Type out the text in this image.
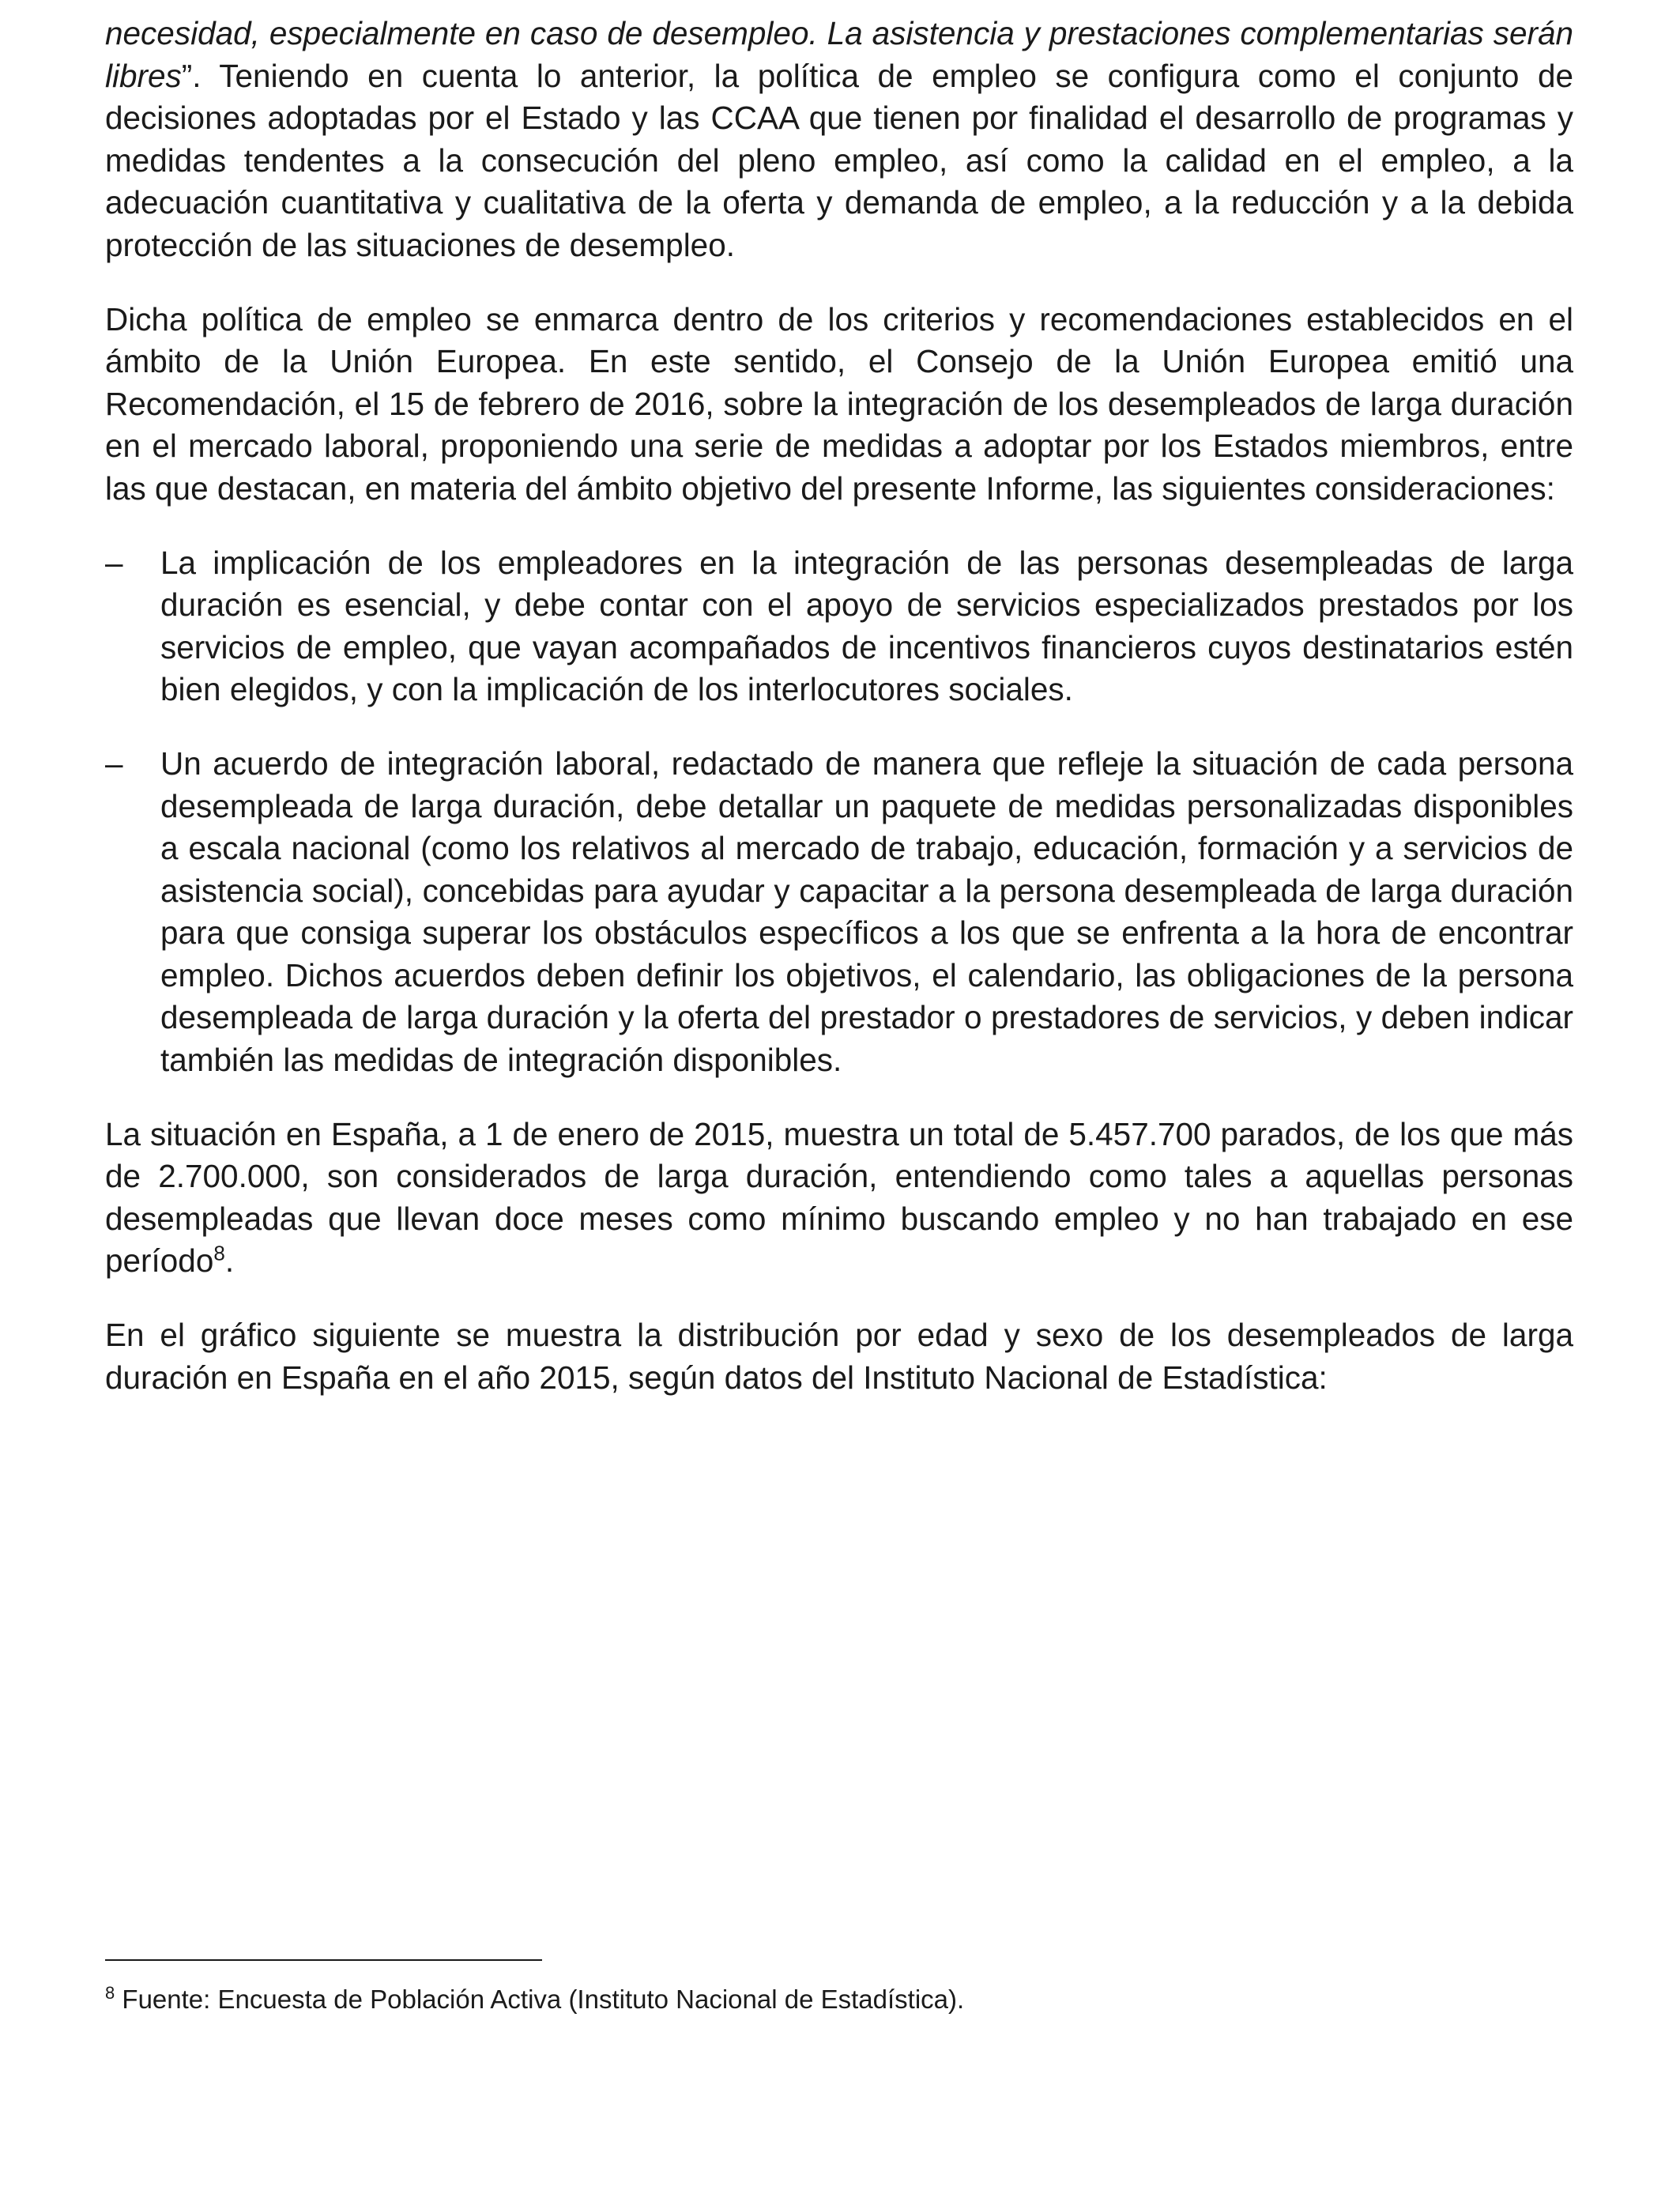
necesidad, especialmente en caso de desempleo. La asistencia y prestaciones complementarias serán libres”. Teniendo en cuenta lo anterior, la política de empleo se configura como el conjunto de decisiones adoptadas por el Estado y las CCAA que tienen por finalidad el desarrollo de programas y medidas tendentes a la consecución del pleno empleo, así como la calidad en el empleo, a la adecuación cuantitativa y cualitativa de la oferta y demanda de empleo, a la reducción y a la debida protección de las situaciones de desempleo.

Dicha política de empleo se enmarca dentro de los criterios y recomendaciones establecidos en el ámbito de la Unión Europea. En este sentido, el Consejo de la Unión Europea emitió una Recomendación, el 15 de febrero de 2016, sobre la integración de los desempleados de larga duración en el mercado laboral, proponiendo una serie de medidas a adoptar por los Estados miembros, entre las que destacan, en materia del ámbito objetivo del presente Informe, las siguientes consideraciones:

– La implicación de los empleadores en la integración de las personas desempleadas de larga duración es esencial, y debe contar con el apoyo de servicios especializados prestados por los servicios de empleo, que vayan acompañados de incentivos financieros cuyos destinatarios estén bien elegidos, y con la implicación de los interlocutores sociales.

– Un acuerdo de integración laboral, redactado de manera que refleje la situación de cada persona desempleada de larga duración, debe detallar un paquete de medidas personalizadas disponibles a escala nacional (como los relativos al mercado de trabajo, educación, formación y a servicios de asistencia social), concebidas para ayudar y capacitar a la persona desempleada de larga duración para que consiga superar los obstáculos específicos a los que se enfrenta a la hora de encontrar empleo. Dichos acuerdos deben definir los objetivos, el calendario, las obligaciones de la persona desempleada de larga duración y la oferta del prestador o prestadores de servicios, y deben indicar también las medidas de integración disponibles.

La situación en España, a 1 de enero de 2015, muestra un total de 5.457.700 parados, de los que más de 2.700.000, son considerados de larga duración, entendiendo como tales a aquellas personas desempleadas que llevan doce meses como mínimo buscando empleo y no han trabajado en ese período$^8$.

En el gráfico siguiente se muestra la distribución por edad y sexo de los desempleados de larga duración en España en el año 2015, según datos del Instituto Nacional de Estadística:

$^8$ Fuente: Encuesta de Población Activa (Instituto Nacional de Estadística).
